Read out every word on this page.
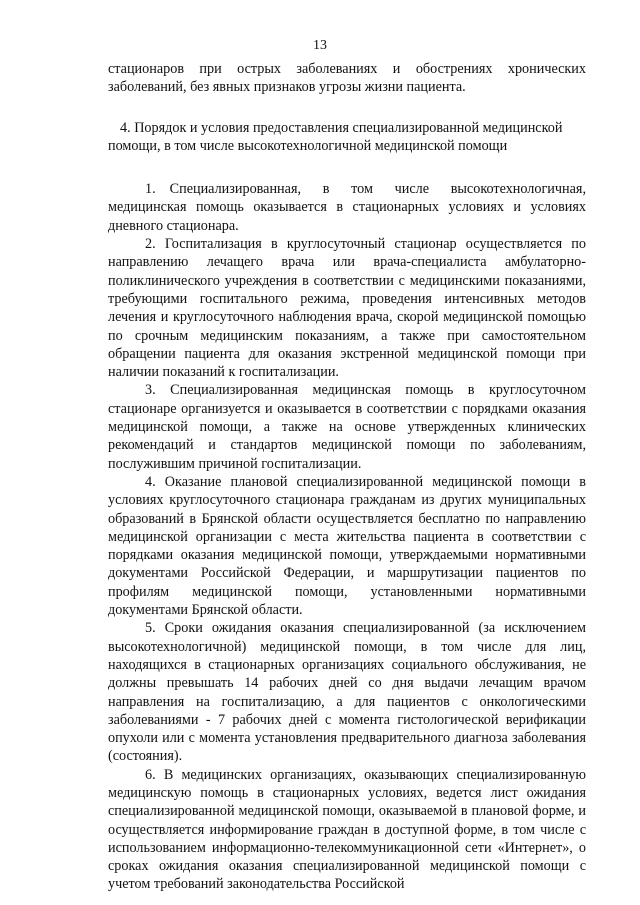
13

стационаров при острых заболеваниях и обострениях хронических заболеваний, без явных признаков угрозы жизни пациента.

4. Порядок и условия предоставления специализированной медицинской помощи, в том числе высокотехнологичной медицинской помощи

1. Специализированная, в том числе высокотехнологичная, медицинская помощь оказывается в стационарных условиях и условиях дневного стационара.

2. Госпитализация в круглосуточный стационар осуществляется по направлению лечащего врача или врача-специалиста амбулаторно-поликлинического учреждения в соответствии с медицинскими показаниями, требующими госпитального режима, проведения интенсивных методов лечения и круглосуточного наблюдения врача, скорой медицинской помощью по срочным медицинским показаниям, а также при самостоятельном обращении пациента для оказания экстренной медицинской помощи при наличии показаний к госпитализации.

3. Специализированная медицинская помощь в круглосуточном стационаре организуется и оказывается в соответствии с порядками оказания медицинской помощи, а также на основе утвержденных клинических рекомендаций и стандартов медицинской помощи по заболеваниям, послужившим причиной госпитализации.

4. Оказание плановой специализированной медицинской помощи в условиях круглосуточного стационара гражданам из других муниципальных образований в Брянской области осуществляется бесплатно по направлению медицинской организации с места жительства пациента в соответствии с порядками оказания медицинской помощи, утверждаемыми нормативными документами Российской Федерации, и маршрутизации пациентов по профилям медицинской помощи, установленными нормативными документами Брянской области.

5. Сроки ожидания оказания специализированной (за исключением высокотехнологичной) медицинской помощи, в том числе для лиц, находящихся в стационарных организациях социального обслуживания, не должны превышать 14 рабочих дней со дня выдачи лечащим врачом направления на госпитализацию, а для пациентов с онкологическими заболеваниями - 7 рабочих дней с момента гистологической верификации опухоли или с момента установления предварительного диагноза заболевания (состояния).

6. В медицинских организациях, оказывающих специализированную медицинскую помощь в стационарных условиях, ведется лист ожидания специализированной медицинской помощи, оказываемой в плановой форме, и осуществляется информирование граждан в доступной форме, в том числе с использованием информационно-телекоммуникационной сети «Интернет», о сроках ожидания оказания специализированной медицинской помощи с учетом требований законодательства Российской
